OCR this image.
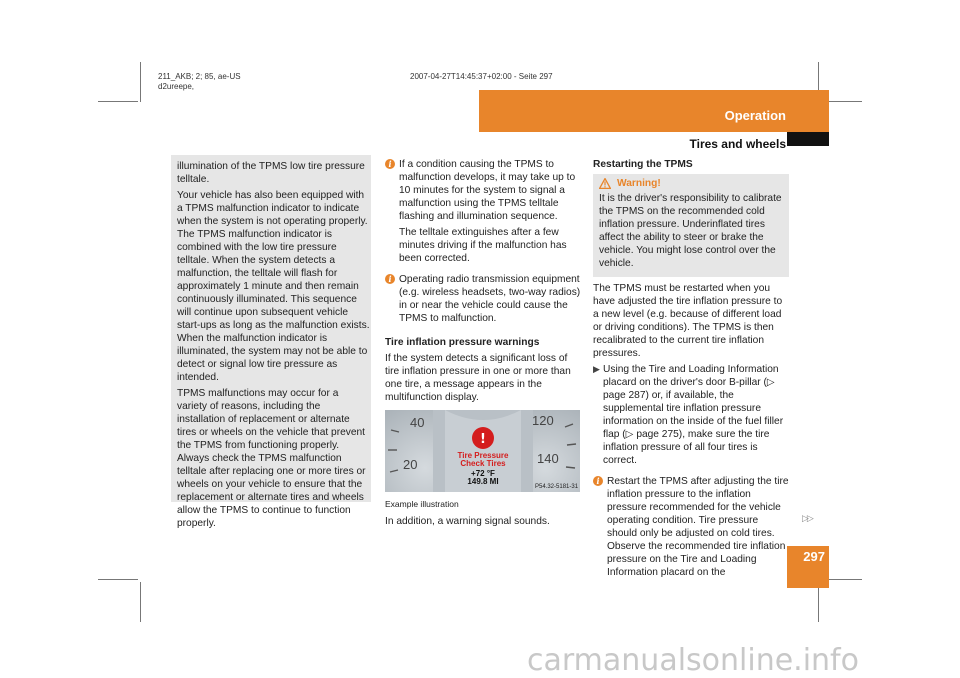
211_AKB; 2; 85, ae-US
d2ureepe,
2007-04-27T14:45:37+02:00 - Seite 297
Operation
Tires and wheels

illumination of the TPMS low tire pressure telltale.

Your vehicle has also been equipped with a TPMS malfunction indicator to indicate when the system is not operating properly. The TPMS malfunction indicator is combined with the low tire pressure telltale. When the system detects a malfunction, the telltale will flash for approximately 1 minute and then remain continuously illuminated. This sequence will continue upon subsequent vehicle start-ups as long as the malfunction exists. When the malfunction indicator is illuminated, the system may not be able to detect or signal low tire pressure as intended.

TPMS malfunctions may occur for a variety of reasons, including the installation of replacement or alternate tires or wheels on the vehicle that prevent the TPMS from functioning properly. Always check the TPMS malfunction telltale after replacing one or more tires or wheels on your vehicle to ensure that the replacement or alternate tires and wheels allow the TPMS to continue to function properly.

i If a condition causing the TPMS to malfunction develops, it may take up to 10 minutes for the system to signal a malfunction using the TPMS telltale flashing and illumination sequence.

The telltale extinguishes after a few minutes driving if the malfunction has been corrected.

i Operating radio transmission equipment (e.g. wireless headsets, two-way radios) in or near the vehicle could cause the TPMS to malfunction.

Tire inflation pressure warnings

If the system detects a significant loss of tire inflation pressure in one or more than one tire, a message appears in the multifunction display.

!
40
20
120
140
Tire Pressure
Check Tires
+72 °F
149.8 MI
P54.32-5181-31

Example illustration

In addition, a warning signal sounds.

Restarting the TPMS

Warning!

It is the driver's responsibility to calibrate the TPMS on the recommended cold inflation pressure. Underinflated tires affect the ability to steer or brake the vehicle. You might lose control over the vehicle.

The TPMS must be restarted when you have adjusted the tire inflation pressure to a new level (e.g. because of different load or driving conditions). The TPMS is then recalibrated to the current tire inflation pressures.

▶ Using the Tire and Loading Information placard on the driver's door B-pillar (▷ page 287) or, if available, the supplemental tire inflation pressure information on the inside of the fuel filler flap (▷ page 275), make sure the tire inflation pressure of all four tires is correct.

i Restart the TPMS after adjusting the tire inflation pressure to the inflation pressure recommended for the vehicle operating condition. Tire pressure should only be adjusted on cold tires. Observe the recommended tire inflation pressure on the Tire and Loading Information placard on the

▷▷
297
carmanualsonline.info
